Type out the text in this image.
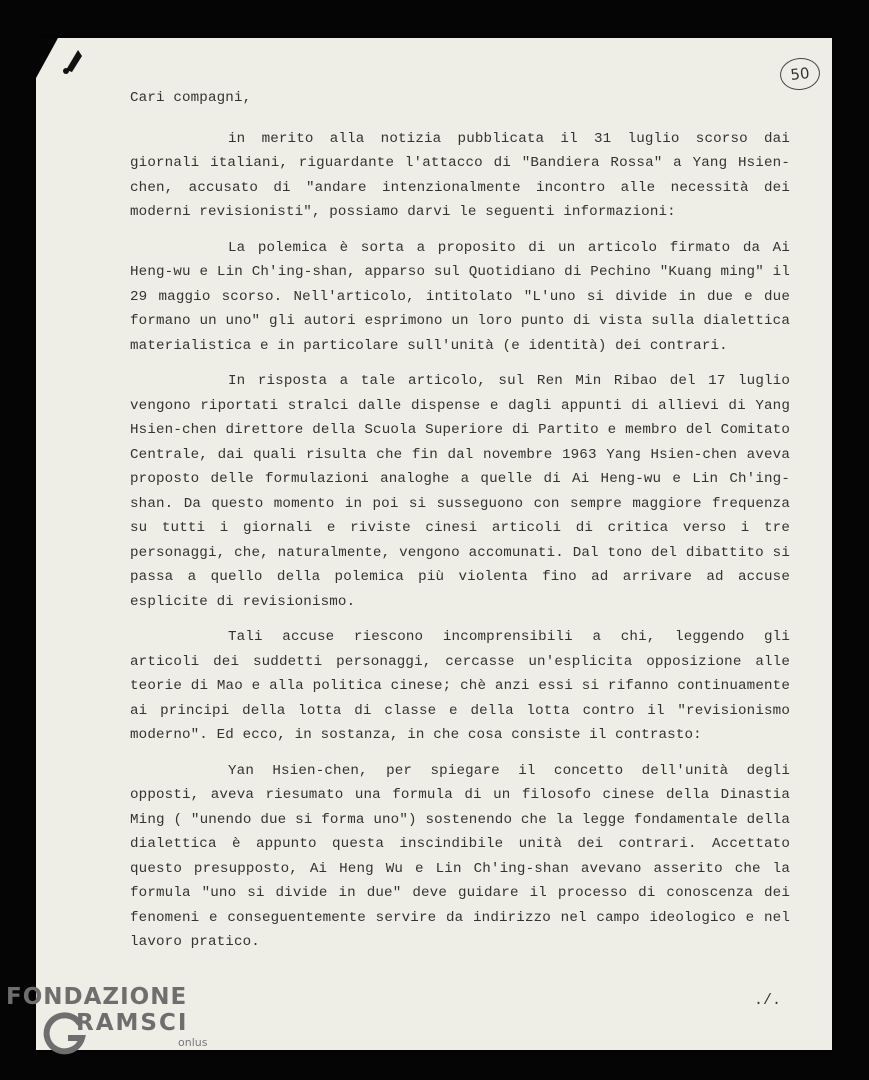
50

Cari compagni,

in merito alla notizia pubblicata il 31 luglio scorso dai giornali italiani, riguardante l'attacco di "Bandiera Rossa" a Yang Hsien-chen, accusato di "andare intenzionalmente incontro alle necessità dei moderni revisionisti", possiamo darvi le seguenti informazioni:

La polemica è sorta a proposito di un articolo firmato da Ai Heng-wu e Lin Ch'ing-shan, apparso sul Quotidiano di Pechino "Kuang ming" il 29 maggio scorso. Nell'articolo, intitolato "L'uno si divide in due e due formano un uno" gli autori esprimono un loro punto di vista sulla dialettica materialistica e in particolare sull'unità (e identità) dei contrari.

In risposta a tale articolo, sul Ren Min Ribao del 17 luglio vengono riportati stralci dalle dispense e dagli appunti di allievi di Yang Hsien-chen direttore della Scuola Superiore di Partito e membro del Comitato Centrale, dai quali risulta che fin dal novembre 1963 Yang Hsien-chen aveva proposto delle formulazioni analoghe a quelle di Ai Heng-wu e Lin Ch'ing-shan. Da questo momento in poi si susseguono con sempre maggiore frequenza su tutti i giornali e riviste cinesi articoli di critica verso i tre personaggi, che, naturalmente, vengono accomunati. Dal tono del dibattito si passa a quello della polemica più violenta fino ad arrivare ad accuse esplicite di revisionismo.

Tali accuse riescono incomprensibili a chi, leggendo gli articoli dei suddetti personaggi, cercasse un'esplicita opposizione alle teorie di Mao e alla politica cinese; chè anzi essi si rifanno continuamente ai principi della lotta di classe e della lotta contro il "revisionismo moderno". Ed ecco, in sostanza, in che cosa consiste il contrasto:

Yan Hsien-chen, per spiegare il concetto dell'unità degli opposti, aveva riesumato una formula di un filosofo cinese della Dinastia Ming ( "unendo due si forma uno") sostenendo che la legge fondamentale della dialettica è appunto questa inscindibile unità dei contrari. Accettato questo presupposto, Ai Heng Wu e Lin Ch'ing-shan avevano asserito che la formula "uno si divide in due" deve guidare il processo di conoscenza dei fenomeni e conseguentemente servire da indirizzo nel campo ideologico e nel lavoro pratico.

./.
FONDAZIONE
RAMSCI
onlus
